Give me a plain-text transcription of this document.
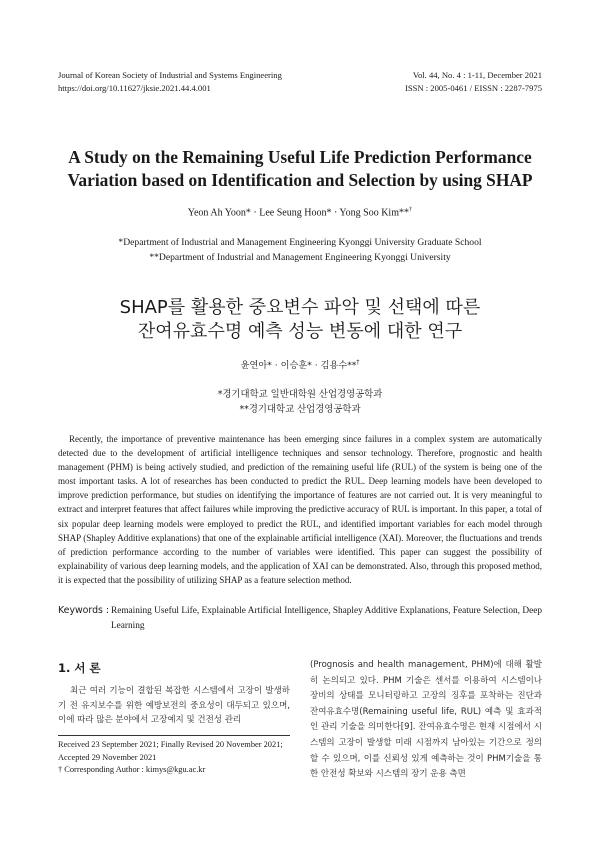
Journal of Korean Society of Industrial and Systems Engineering
https://doi.org/10.11627/jksie.2021.44.4.001
Vol. 44, No. 4 : 1-11, December 2021
ISSN : 2005-0461 / EISSN : 2287-7975
A Study on the Remaining Useful Life Prediction Performance
Variation based on Identification and Selection by using SHAP
Yeon Ah Yoon* · Lee Seung Hoon* · Yong Soo Kim**†
*Department of Industrial and Management Engineering Kyonggi University Graduate School
**Department of Industrial and Management Engineering Kyonggi University
SHAP를 활용한 중요변수 파악 및 선택에 따른
잔여유효수명 예측 성능 변동에 대한 연구
윤연아* · 이승훈* · 김용수**†
*경기대학교 일반대학원 산업경영공학과
**경기대학교 산업경영공학과

Recently, the importance of preventive maintenance has been emerging since failures in a complex system are automatically detected due to the development of artificial intelligence techniques and sensor technology. Therefore, prognostic and health management (PHM) is being actively studied, and prediction of the remaining useful life (RUL) of the system is being one of the most important tasks. A lot of researches has been conducted to predict the RUL. Deep learning models have been developed to improve prediction performance, but studies on identifying the importance of features are not carried out. It is very meaningful to extract and interpret features that affect failures while improving the predictive accuracy of RUL is important. In this paper, a total of six popular deep learning models were employed to predict the RUL, and identified important variables for each model through SHAP (Shapley Additive explanations) that one of the explainable artificial intelligence (XAI). Moreover, the fluctuations and trends of prediction performance according to the number of variables were identified. This paper can suggest the possibility of explainability of various deep learning models, and the application of XAI can be demonstrated. Also, through this proposed method, it is expected that the possibility of utilizing SHAP as a feature selection method.

Keywords : Remaining Useful Life, Explainable Artificial Intelligence, Shapley Additive Explanations, Feature Selection, Deep Learning
1. 서 론

최근 여러 기능이 결합된 복잡한 시스템에서 고장이 발생하기 전 유지보수를 위한 예방보전의 중요성이 대두되고 있으며, 이에 따라 많은 분야에서 고장예지 및 건전성 관리

Received 23 September 2021; Finally Revised 20 November 2021;
Accepted 29 November 2021
† Corresponding Author : kimys@kgu.ac.kr

(Prognosis and health management, PHM)에 대해 활발히 논의되고 있다. PHM 기술은 센서를 이용하여 시스템이나 장비의 상태를 모니터링하고 고장의 징후를 포착하는 진단과 잔여유효수명(Remaining useful life, RUL) 예측 및 효과적인 관리 기술을 의미한다[9]. 잔여유효수명은 현재 시점에서 시스템의 고장이 발생할 미래 시점까지 남아있는 기간으로 정의할 수 있으며, 이를 신뢰성 있게 예측하는 것이 PHM기술을 통한 안전성 확보와 시스템의 장기 운용 측면
